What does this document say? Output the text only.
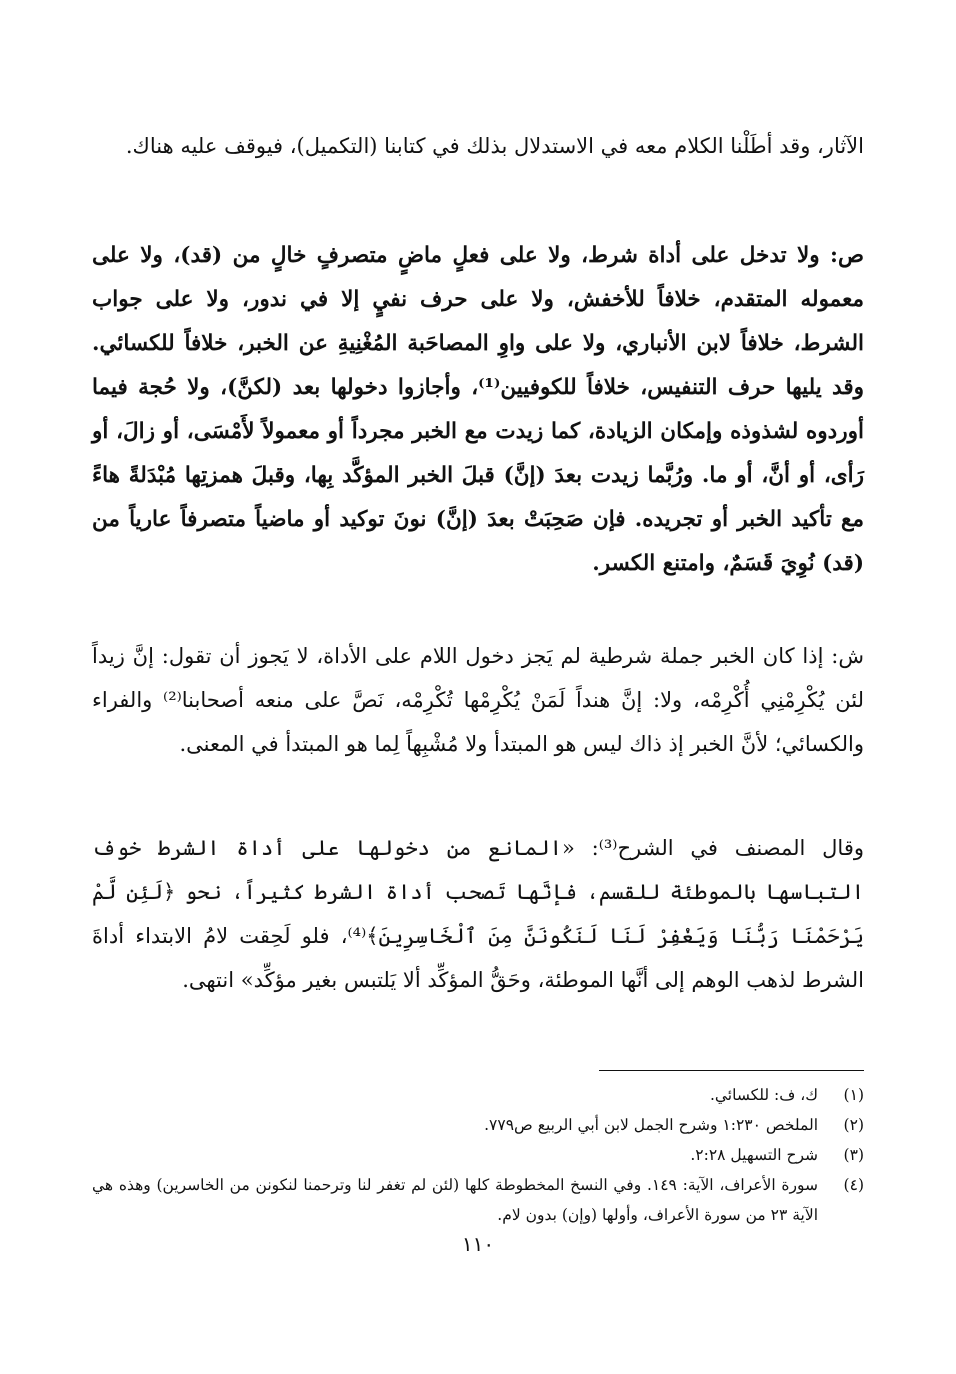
الآثار، وقد أطَلْنا الكلام معه في الاستدلال بذلك في كتابنا (التكميل)، فيوقف عليه هناك.

ص: ولا تدخل على أداة شرط، ولا على فعلٍ ماضٍ متصرفٍ خالٍ من (قد)، ولا على معموله المتقدم، خلافاً للأخفش، ولا على حرف نفيٍ إلا في ندور، ولا على جواب الشرط، خلافاً لابن الأنباري، ولا على واوِ المصاحَبة المُغْنِيةِ عن الخبر، خلافاً للكسائي. وقد يليها حرف التنفيس، خلافاً للكوفيين⁽¹⁾، وأجازوا دخولها بعد (لكنَّ)، ولا حُجة فيما أوردوه لشذوذه وإمكان الزيادة، كما زيدت مع الخبر مجرداً أو معمولاً لأَمْسَى، أو زالَ، أو رَأى، أو أنَّ، أو ما. ورُبَّما زيدت بعدَ (إنَّ) قبلَ الخبر المؤكَّد بِها، وقبلَ همزتِها مُبْدَلةً هاءً مع تأكيد الخبر أو تجريده. فإن صَحِبَتْ بعدَ (إنَّ) نونَ توكيد أو ماضياً متصرفاً عارياً من (قد) نُوِيَ قَسَمٌ، وامتنع الكسر.

ش: إذا كان الخبر جملة شرطية لم يَجز دخول اللام على الأداة، لا يَجوز أن تقول: إنَّ زيداً لئن يُكْرِمْنِي أُكْرِمْه، ولا: إنَّ هنداً لَمَنْ يُكْرِمْها تُكْرِمْه، نَصَّ على منعه أصحابنا⁽²⁾ والفراء والكسائي؛ لأنَّ الخبر إذ ذاك ليس هو المبتدأ ولا مُشْبِهاً لِما هو المبتدأ في المعنى.

وقال المصنف في الشرح⁽³⁾: «المانع من دخولها على أداة الشرط خوف التباسها بالموطئة للقسم، فإنَّها تَصحب أداة الشرط كثيراً، نحو ﴿لَئِن لَّمْ يَرْحَمْنَا رَبُّنَا وَيَغْفِرْ لَنَا لَنَكُونَنَّ مِنَ ٱلْخَاسِرِينَ﴾⁽⁴⁾، فلو لَحِقت لامُ الابتداء أداةَ الشرط لذهب الوهم إلى أنَّها الموطئة، وحَقُّ المؤكِّد ألا يَلتبس بغير مؤكِّد» انتهى.

(١)
ك، ف: للكسائي.
(٢)
الملخص ١:٢٣٠ وشرح الجمل لابن أبي الربيع ص٧٧٩.
(٣)
شرح التسهيل ٢:٢٨.
(٤)
سورة الأعراف، الآية: ١٤٩. وفي النسخ المخطوطة كلها (لئن لم تغفر لنا وترحمنا لنكونن من الخاسرين) وهذه هي الآية ٢٣ من سورة الأعراف، وأولها (وإن) بدون لام.
١١٠
